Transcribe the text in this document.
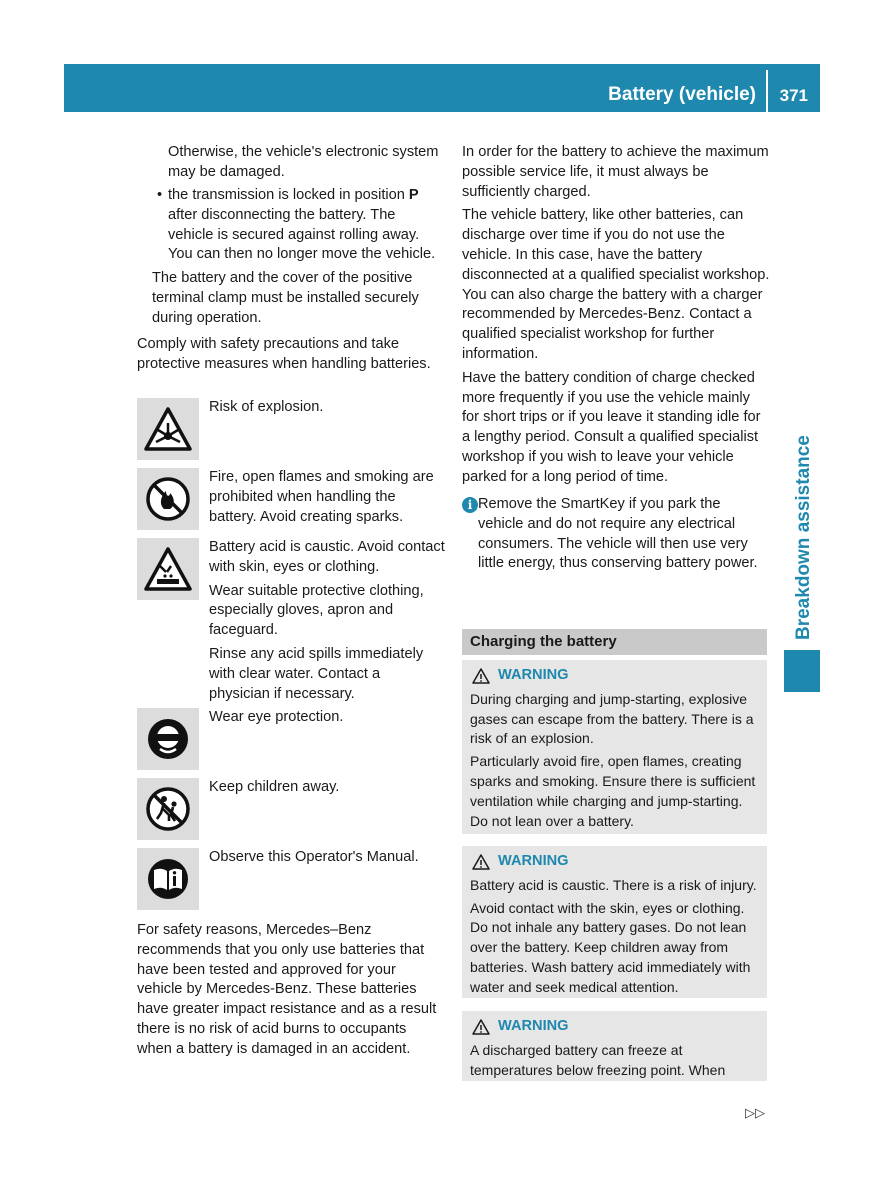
Battery (vehicle) 371
Breakdown assistance

Otherwise, the vehicle's electronic system may be damaged.

• the transmission is locked in position P after disconnecting the battery. The vehicle is secured against rolling away. You can then no longer move the vehicle.

The battery and the cover of the positive terminal clamp must be installed securely during operation.

Comply with safety precautions and take protective measures when handling batteries.

Risk of explosion.

Fire, open flames and smoking are prohibited when handling the battery. Avoid creating sparks.

Battery acid is caustic. Avoid contact with skin, eyes or clothing.

Wear suitable protective clothing, especially gloves, apron and faceguard.

Rinse any acid spills immediately with clear water. Contact a physician if necessary.

Wear eye protection.

Keep children away.

Observe this Operator's Manual.

For safety reasons, Mercedes–Benz recommends that you only use batteries that have been tested and approved for your vehicle by Mercedes-Benz. These batteries have greater impact resistance and as a result there is no risk of acid burns to occupants when a battery is damaged in an accident.

In order for the battery to achieve the maximum possible service life, it must always be sufficiently charged.

The vehicle battery, like other batteries, can discharge over time if you do not use the vehicle. In this case, have the battery disconnected at a qualified specialist workshop. You can also charge the battery with a charger recommended by Mercedes-Benz. Contact a qualified specialist workshop for further information.

Have the battery condition of charge checked more frequently if you use the vehicle mainly for short trips or if you leave it standing idle for a lengthy period. Consult a qualified specialist workshop if you wish to leave your vehicle parked for a long period of time.

i Remove the SmartKey if you park the vehicle and do not require any electrical consumers. The vehicle will then use very little energy, thus conserving battery power.

Charging the battery
WARNING

During charging and jump-starting, explosive gases can escape from the battery. There is a risk of an explosion.

Particularly avoid fire, open flames, creating sparks and smoking. Ensure there is sufficient ventilation while charging and jump-starting. Do not lean over a battery.

WARNING

Battery acid is caustic. There is a risk of injury.

Avoid contact with the skin, eyes or clothing. Do not inhale any battery gases. Do not lean over the battery. Keep children away from batteries. Wash battery acid immediately with water and seek medical attention.

WARNING

A discharged battery can freeze at temperatures below freezing point. When

▷▷
